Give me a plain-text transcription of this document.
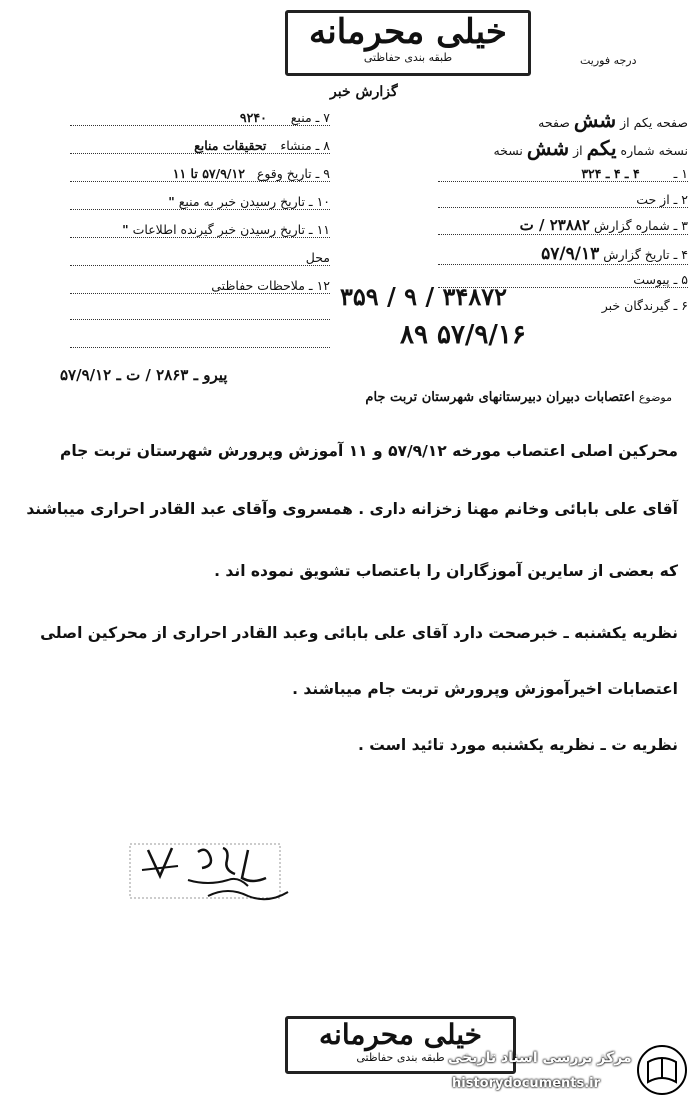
خیلی محرمانه
طبقه بندی حفاظتی	درجه فوریت
گزارش خبر
صفحه یکم از شش صفحه
نسخه شماره یکم از شش نسخه
۱ ـ ۴ ـ ۴ ـ ۳۲۴
۲ ـ از حت
۳ ـ شماره گزارش ۲۳۸۸۲ / ت
۴ ـ تاریخ گزارش ۵۷/۹/۱۳
۵ ـ پیوست
۶ ـ گیرندگان خبر
۳۴۸۷۲ / ۹ / ۳۵۹
۵۷/۹/۱۶ ۸۹
۷ ـ منبع ۹۲۴۰
۸ ـ منشاء تحقیقات منابع
۹ ـ تاریخ وقوع ۵۷/۹/۱۲ تا ۱۱
۱۰ ـ تاریخ رسیدن خبر به منبع "
۱۱ ـ تاریخ رسیدن خبر گیرنده اطلاعات "
محل
۱۲ ـ ملاحظات حفاظتی
پیرو ـ ۲۸۶۳ / ت ـ ۵۷/۹/۱۲
موضوع اعتصابات دبیران دبیرستانهای شهرستان تربت جام
محرکین اصلی اعتصاب مورخه ۵۷/۹/۱۲ و ۱۱ آموزش وپرورش شهرستان تربت جام
آقای علی بابائی وخانم مهنا زخزانه داری . همسروی وآقای عبد القادر احراری میباشند
که بعضی از سایرین آموزگاران را باعتصاب تشویق نموده اند .
نظریه یکشنبه ـ خبرصحت دارد آقای علی بابائی وعبد القادر احراری از محرکین اصلی
اعتصابات اخیرآموزش وپرورش تربت جام میباشند .
نظریه ت ـ نظریه یکشنبه مورد تائید است .
خیلی محرمانه
طبقه بندی حفاظتی مرکز بررسی اسناد تاریخی
historydocuments.ir
